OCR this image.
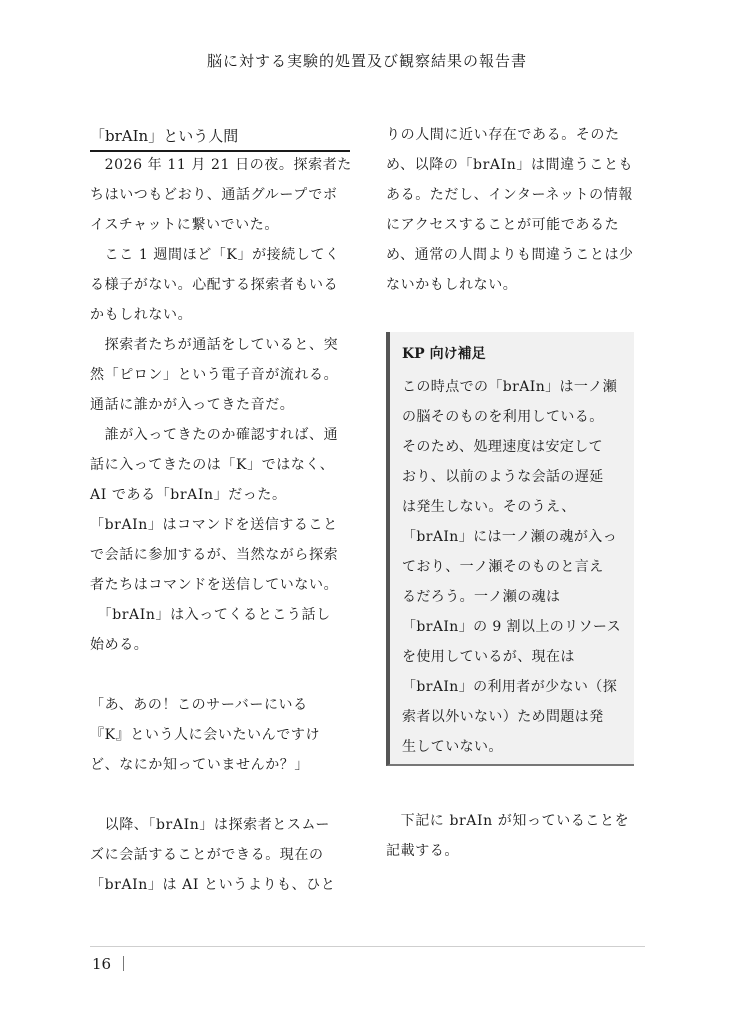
脳に対する実験的処置及び観察結果の報告書
「brAIn」という人間

　2026 年 11 月 21 日の夜。探索者た

ちはいつもどおり、通話グループでボ

イスチャットに繋いでいた。

　ここ 1 週間ほど「K」が接続してく

る様子がない。心配する探索者もいる

かもしれない。

　探索者たちが通話をしていると、突

然「ピロン」という電子音が流れる。

通話に誰かが入ってきた音だ。

　誰が入ってきたのか確認すれば、通

話に入ってきたのは「K」ではなく、

AI である「brAIn」だった。

「brAIn」はコマンドを送信すること

で会話に参加するが、当然ながら探索

者たちはコマンドを送信していない。

　「brAIn」は入ってくるとこう話し

始める。

「あ、あの！このサーバーにいる

『K』という人に会いたいんですけ

ど、なにか知っていませんか？」

　以降、「brAIn」は探索者とスムー

ズに会話することができる。現在の

「brAIn」は AI というよりも、ひと

りの人間に近い存在である。そのた

め、以降の「brAIn」は間違うことも

ある。ただし、インターネットの情報

にアクセスすることが可能であるた

め、通常の人間よりも間違うことは少

ないかもしれない。

KP 向け補足

この時点での「brAIn」は一ノ瀬

の脳そのものを利用している。

そのため、処理速度は安定して

おり、以前のような会話の遅延

は発生しない。そのうえ、

「brAIn」には一ノ瀬の魂が入っ

ており、一ノ瀬そのものと言え

るだろう。一ノ瀬の魂は

「brAIn」の 9 割以上のリソース

を使用しているが、現在は

「brAIn」の利用者が少ない（探

索者以外いない）ため問題は発

生していない。

　下記に brAIn が知っていることを

記載する。

16 ｜
